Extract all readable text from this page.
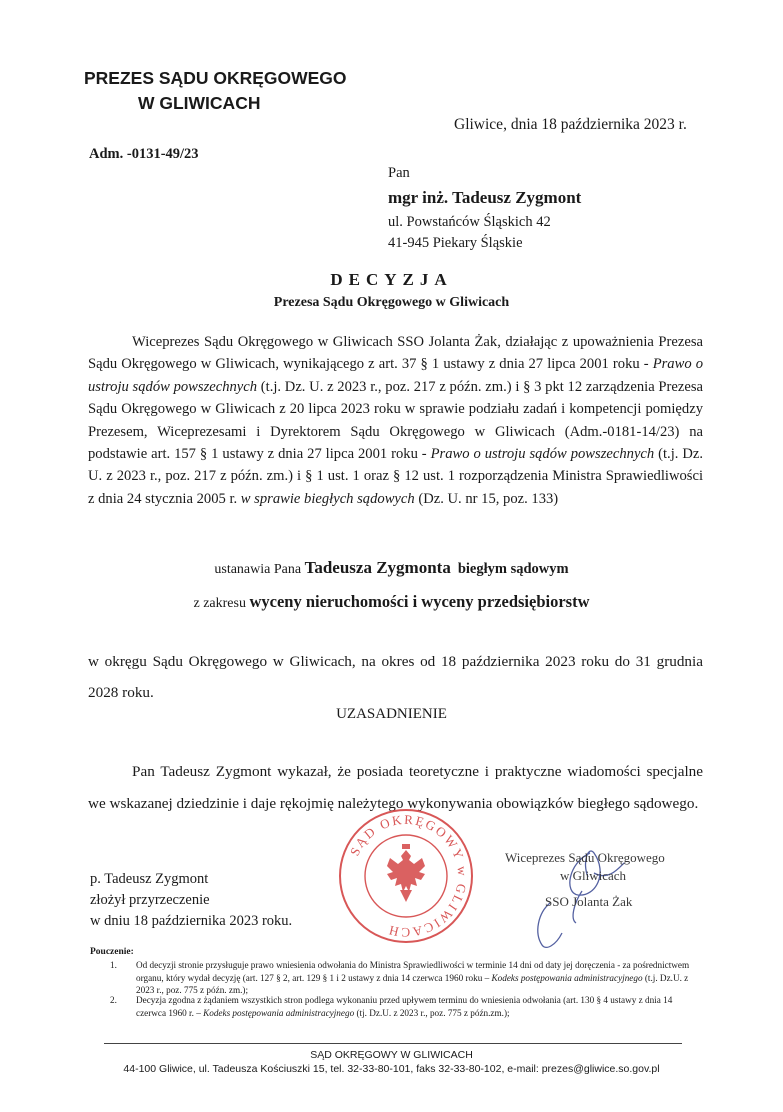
PREZES SĄDU OKRĘGOWEGO
W GLIWICACH
Gliwice, dnia 18 października 2023 r.
Adm. -0131-49/23
Pan
mgr inż. Tadeusz Zygmont
ul. Powstańców Śląskich 42
41-945 Piekary Śląskie
DECYZJA
Prezesa Sądu Okręgowego w Gliwicach
Wiceprezes Sądu Okręgowego w Gliwicach SSO Jolanta Żak, działając z upoważnienia Prezesa Sądu Okręgowego w Gliwicach, wynikającego z art. 37 § 1 ustawy z dnia 27 lipca 2001 roku - Prawo o ustroju sądów powszechnych (t.j. Dz. U. z 2023 r., poz. 217 z późn. zm.) i § 3 pkt 12 zarządzenia Prezesa Sądu Okręgowego w Gliwicach z 20 lipca 2023 roku w sprawie podziału zadań i kompetencji pomiędzy Prezesem, Wiceprezesami i Dyrektorem Sądu Okręgowego w Gliwicach (Adm.-0181-14/23) na podstawie art. 157 § 1 ustawy z dnia 27 lipca 2001 roku - Prawo o ustroju sądów powszechnych (t.j. Dz. U. z 2023 r., poz. 217 z późn. zm.) i § 1 ust. 1 oraz § 12 ust. 1 rozporządzenia Ministra Sprawiedliwości z dnia 24 stycznia 2005 r. w sprawie biegłych sądowych (Dz. U. nr 15, poz. 133)
ustanawia Pana Tadeusza Zygmonta biegłym sądowym
z zakresu wyceny nieruchomości i wyceny przedsiębiorstw
w okręgu Sądu Okręgowego w Gliwicach, na okres od 18 października 2023 roku do 31 grudnia 2028 roku.
UZASADNIENIE
Pan Tadeusz Zygmont wykazał, że posiada teoretyczne i praktyczne wiadomości specjalne we wskazanej dziedzinie i daje rękojmię należytego wykonywania obowiązków biegłego sądowego.
p. Tadeusz Zygmont
złożył przyrzeczenie
w dniu 18 października 2023 roku.
SĄD OKRĘGOWY w GLIWICACH
Wiceprezes Sądu Okręgowego
w Gliwicach
SSO Jolanta Żak
Pouczenie:
1.	Od decyzji stronie przysługuje prawo wniesienia odwołania do Ministra Sprawiedliwości w terminie 14 dni od daty jej doręczenia - za pośrednictwem organu, który wydał decyzję (art. 127 § 2, art. 129 § 1 i 2 ustawy z dnia 14 czerwca 1960 roku – Kodeks postępowania administracyjnego (t.j. Dz.U. z 2023 r., poz. 775 z późn. zm.);
2.	Decyzja zgodna z żądaniem wszystkich stron podlega wykonaniu przed upływem terminu do wniesienia odwołania (art. 130 § 4 ustawy z dnia 14 czerwca 1960 r. – Kodeks postępowania administracyjnego (tj. Dz.U. z 2023 r., poz. 775 z późn.zm.);
SĄD OKRĘGOWY W GLIWICACH
44-100 Gliwice, ul. Tadeusza Kościuszki 15, tel. 32-33-80-101, faks 32-33-80-102, e-mail: prezes@gliwice.so.gov.pl
